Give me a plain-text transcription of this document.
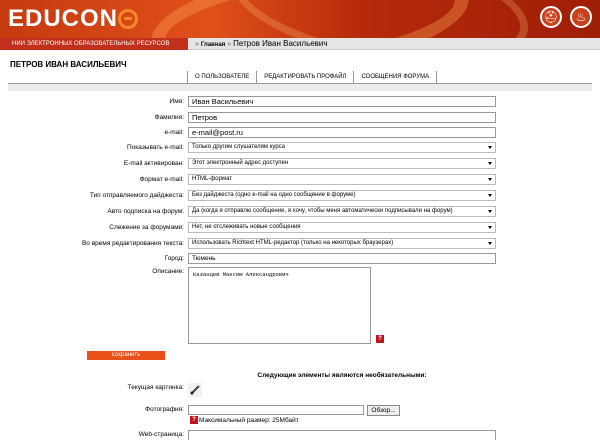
EDUCON	⛑	♨
НИИ ЭЛЕКТРОННЫХ ОБРАЗОВАТЕЛЬНЫХ РЕСУРСОВ	» Главная » Петров Иван Васильевич
ПЕТРОВ ИВАН ВАСИЛЬЕВИЧ
О ПОЛЬЗОВАТЕЛЕ	РЕДАКТИРОВАТЬ ПРОФАЙЛ	СООБЩЕНИЯ ФОРУМА
Имя:	Иван Васильевич
Фамилия:	Петров
e-mail:	e-mail@post.ru
Показывать e-mail:	Только другим слушателям курса
E-mail активирован:	Этот электронный адрес доступен
Формат e-mail:	HTML-формат
Тип отправляемого дайджеста:	Без дайджеста (одно e-mail на одно сообщение в форуме)
Авто подписка на форум:	Да (когда я отправлю сообщение, я хочу, чтобы меня автоматически подписывали на форум)
Слежение за форумами:	Нет, не отслеживать новые сообщения
Во время редактирования текста:	Использовать Richtext HTML-редактор (только на некоторых браузерах)
Город:	Тюмень
Описание:	Казанцев Максим Александрович
?
сохранить
Следующие элементы являются необязательными:
Текущая картинка:
Фотография:	Обзор...
? Максимальный размер: 25Мбайт
Web-страница:
